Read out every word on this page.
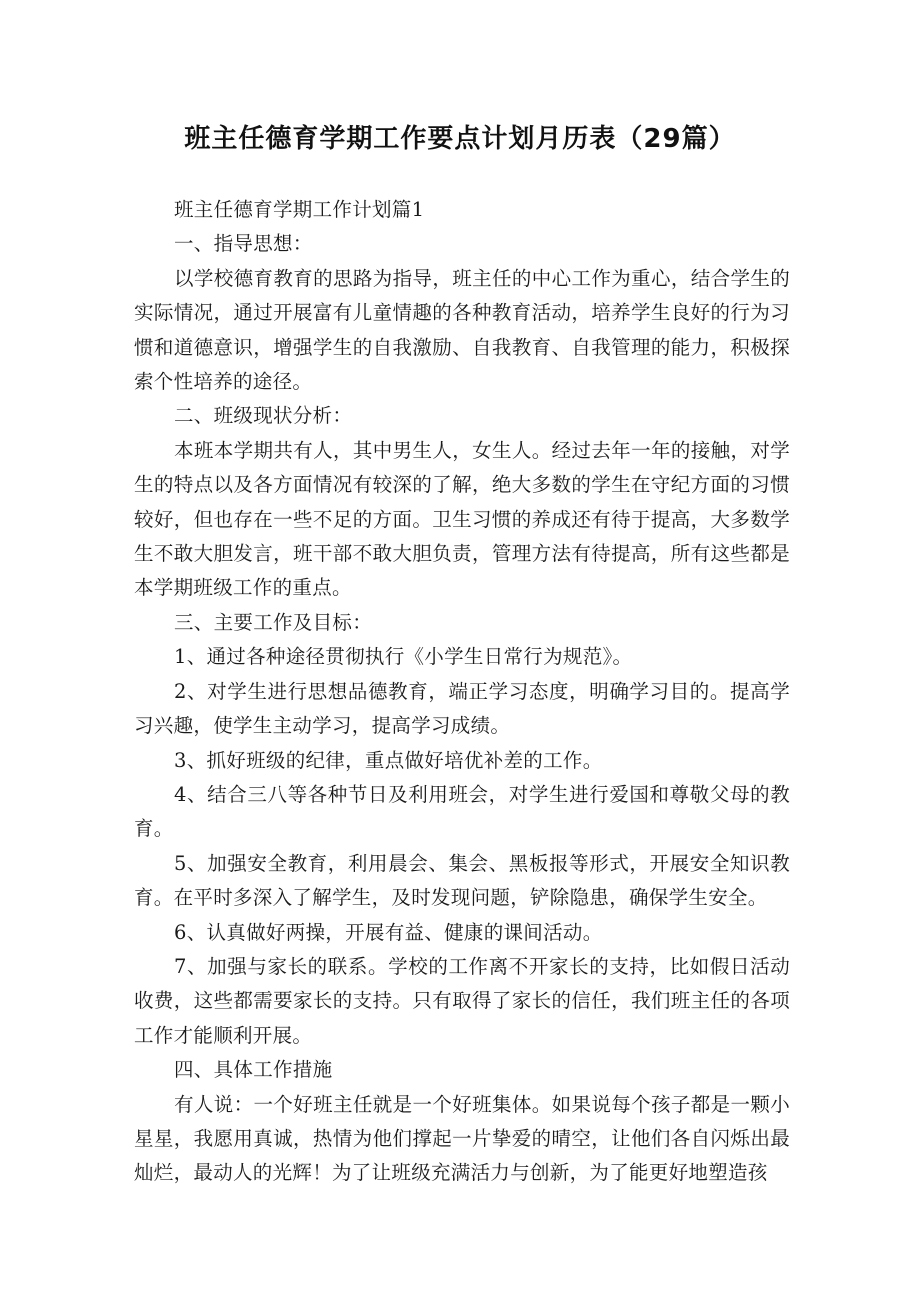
班主任德育学期工作要点计划月历表（29篇）

班主任德育学期工作计划篇1

一、指导思想：

以学校德育教育的思路为指导，班主任的中心工作为重心，结合学生的实际情况，通过开展富有儿童情趣的各种教育活动，培养学生良好的行为习惯和道德意识，增强学生的自我激励、自我教育、自我管理的能力，积极探索个性培养的途径。

二、班级现状分析：

本班本学期共有人，其中男生人，女生人。经过去年一年的接触，对学生的特点以及各方面情况有较深的了解，绝大多数的学生在守纪方面的习惯较好，但也存在一些不足的方面。卫生习惯的养成还有待于提高，大多数学生不敢大胆发言，班干部不敢大胆负责，管理方法有待提高，所有这些都是本学期班级工作的重点。

三、主要工作及目标：

1、通过各种途径贯彻执行《小学生日常行为规范》。

2、对学生进行思想品德教育，端正学习态度，明确学习目的。提高学习兴趣，使学生主动学习，提高学习成绩。

3、抓好班级的纪律，重点做好培优补差的工作。

4、结合三八等各种节日及利用班会，对学生进行爱国和尊敬父母的教育。

5、加强安全教育，利用晨会、集会、黑板报等形式，开展安全知识教育。在平时多深入了解学生，及时发现问题，铲除隐患，确保学生安全。

6、认真做好两操，开展有益、健康的课间活动。

7、加强与家长的联系。学校的工作离不开家长的支持，比如假日活动收费，这些都需要家长的支持。只有取得了家长的信任，我们班主任的各项工作才能顺利开展。

四、具体工作措施

有人说：一个好班主任就是一个好班集体。如果说每个孩子都是一颗小星星，我愿用真诚，热情为他们撑起一片挚爱的晴空，让他们各自闪烁出最灿烂，最动人的光辉！为了让班级充满活力与创新，为了能更好地塑造孩
